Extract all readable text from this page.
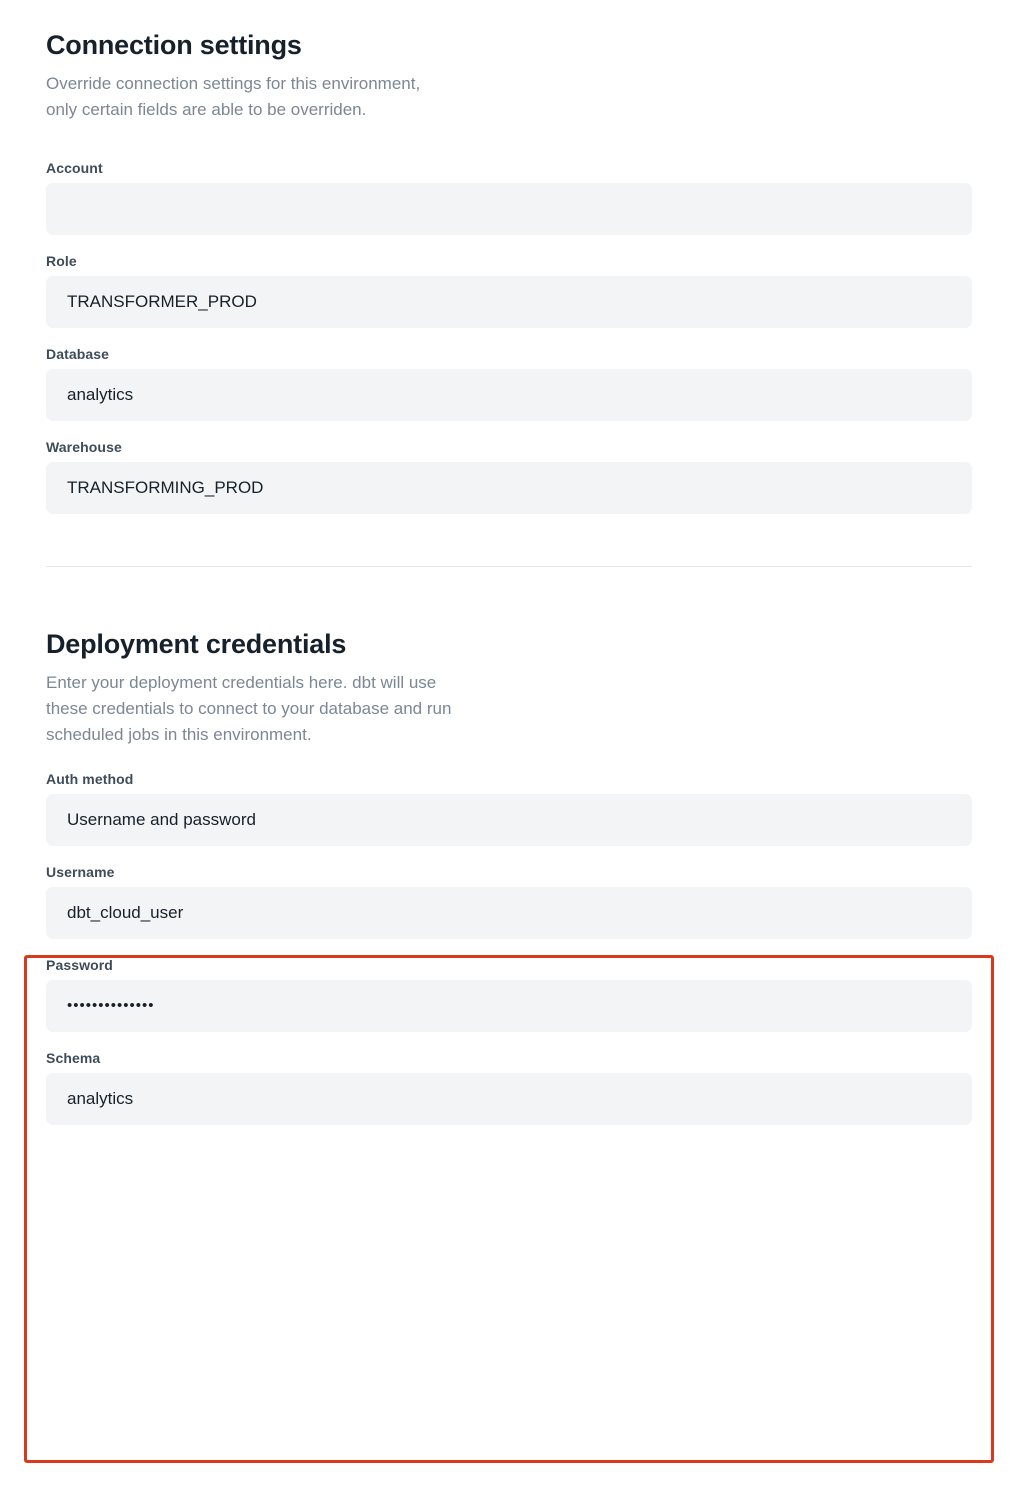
Connection settings

Override connection settings for this environment,
only certain fields are able to be overriden.

Account
Role
TRANSFORMER_PROD
Database
analytics
Warehouse
TRANSFORMING_PROD
Deployment credentials

Enter your deployment credentials here. dbt will use
these credentials to connect to your database and run
scheduled jobs in this environment.

Auth method
Username and password
Username
dbt_cloud_user
Password
••••••••••••••
Schema
analytics
